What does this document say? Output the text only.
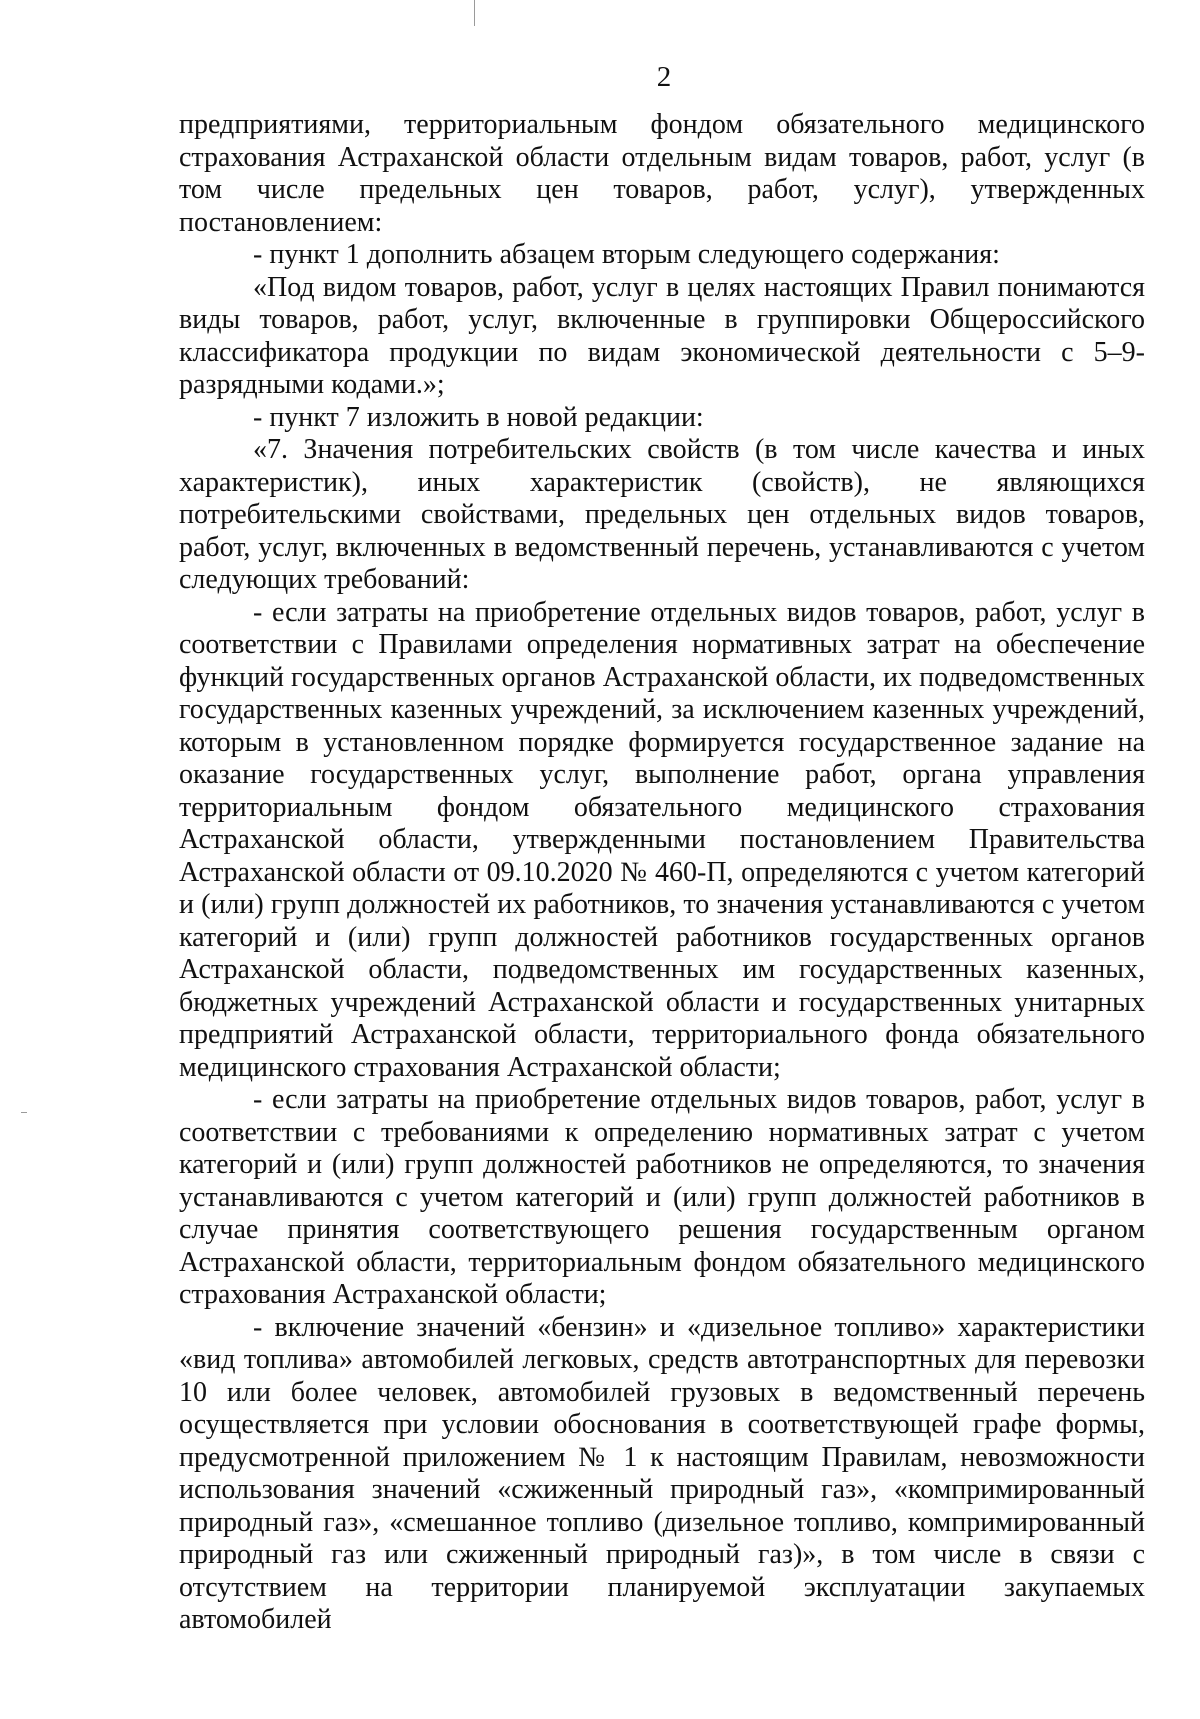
2

предприятиями, территориальным фондом обязательного медицинского страхования Астраханской области отдельным видам товаров, работ, услуг (в том числе предельных цен товаров, работ, услуг), утвержденных постановлением:

- пункт 1 дополнить абзацем вторым следующего содержания:

«Под видом товаров, работ, услуг в целях настоящих Правил понимаются виды товаров, работ, услуг, включенные в группировки Общероссийского классификатора продукции по видам экономической деятельности с 5–9-разрядными кодами.»;

- пункт 7 изложить в новой редакции:

«7. Значения потребительских свойств (в том числе качества и иных характеристик), иных характеристик (свойств), не являющихся потребительскими свойствами, предельных цен отдельных видов товаров, работ, услуг, включенных в ведомственный перечень, устанавливаются с учетом следующих требований:

- если затраты на приобретение отдельных видов товаров, работ, услуг в соответствии с Правилами определения нормативных затрат на обеспечение функций государственных органов Астраханской области, их подведомственных государственных казенных учреждений, за исключением казенных учреждений, которым в установленном порядке формируется государственное задание на оказание государственных услуг, выполнение работ, органа управления территориальным фондом обязательного медицинского страхования Астраханской области, утвержденными постановлением Правительства Астраханской области от 09.10.2020 № 460-П, определяются с учетом категорий и (или) групп должностей их работников, то значения устанавливаются с учетом категорий и (или) групп должностей работников государственных органов Астраханской области, подведомственных им государственных казенных, бюджетных учреждений Астраханской области и государственных унитарных предприятий Астраханской области, территориального фонда обязательного медицинского страхования Астраханской области;

- если затраты на приобретение отдельных видов товаров, работ, услуг в соответствии с требованиями к определению нормативных затрат с учетом категорий и (или) групп должностей работников не определяются, то значения устанавливаются с учетом категорий и (или) групп должностей работников в случае принятия соответствующего решения государственным органом Астраханской области, территориальным фондом обязательного медицинского страхования Астраханской области;

- включение значений «бензин» и «дизельное топливо» характеристики «вид топлива» автомобилей легковых, средств автотранспортных для перевозки 10 или более человек, автомобилей грузовых в ведомственный перечень осуществляется при условии обоснования в соответствующей графе формы, предусмотренной приложением № 1 к настоящим Правилам, невозможности использования значений «сжиженный природный газ», «компримированный природный газ», «смешанное топливо (дизельное топливо, компримированный природный газ или сжиженный природный газ)», в том числе в связи с отсутствием на территории планируемой эксплуатации закупаемых автомобилей
